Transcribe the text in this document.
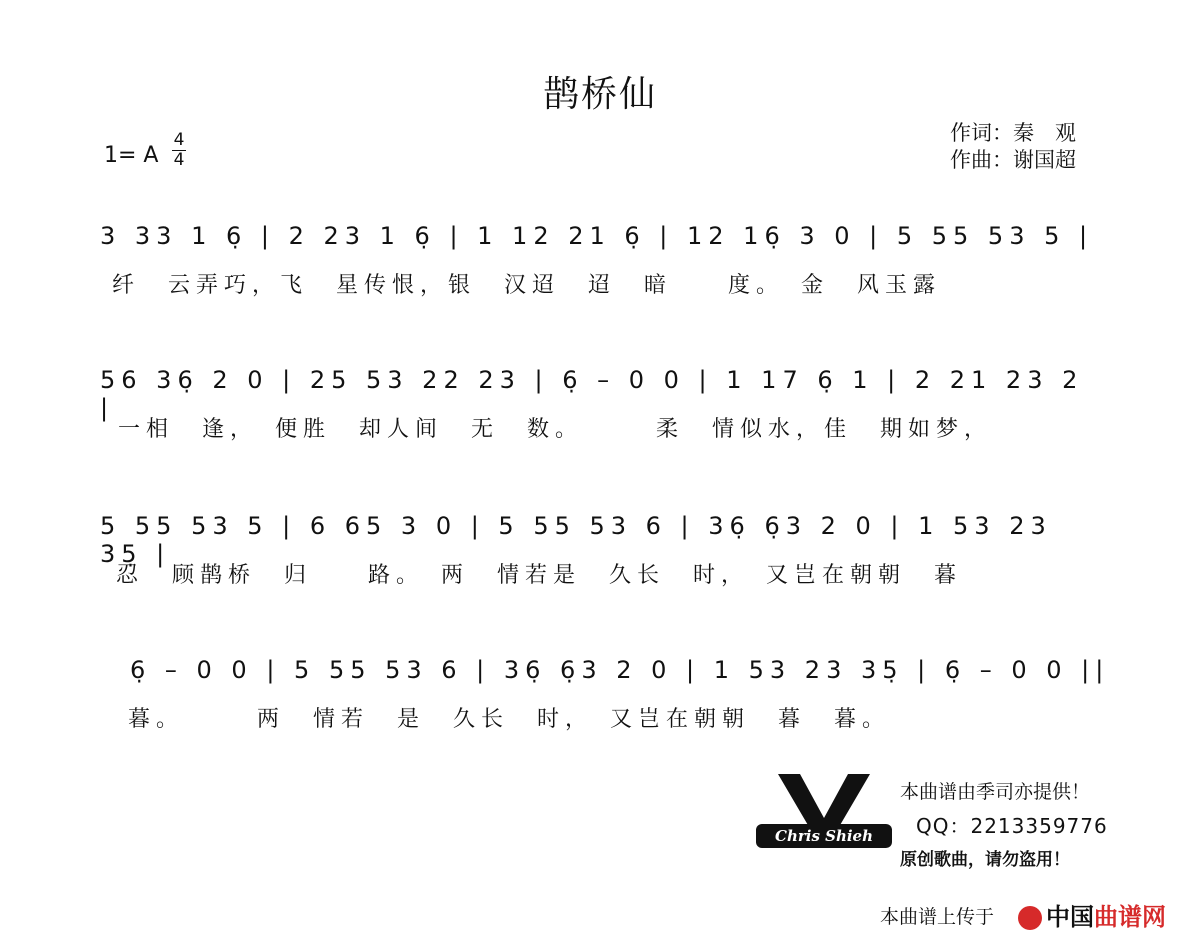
鹊桥仙
1= A
4
4
作词：秦　观
作曲：谢国超
3 33 1 6̣ | 2 23 1 6̣ | 1 12 21 6̣ | 12 16̣ 3 0 | 5 55 53 5 |
纤　云弄巧，飞　星传恨，银　汉迢　迢　暗　　度。　金　风玉露
56 36̣ 2 0 | 25 53 22 23 | 6̣ – 0 0 | 1 17 6̣ 1 | 2 21 23 2 |
一相　逢，　便胜　却人间　无　数。　　　柔　情似水，佳　期如梦，
5 55 53 5 | 6 65 3 0 | 5 55 53 6 | 36̣ 6̣3 2 0 | 1 53 23 35̣ |
忍　顾鹊桥　归　　路。　两　情若是　久长　时，　又岂在朝朝　暮
6̣ – 0 0 | 5 55 53 6 | 36̣ 6̣3 2 0 | 1 53 23 35̣ | 6̣ – 0 0 ||
暮。　　　两　情若　是　久长　时，　又岂在朝朝　暮　暮。
Chris Shieh
本曲谱由季司亦提供！
QQ：2213359776
原创歌曲，请勿盗用！
本曲谱上传于	中国曲谱网
